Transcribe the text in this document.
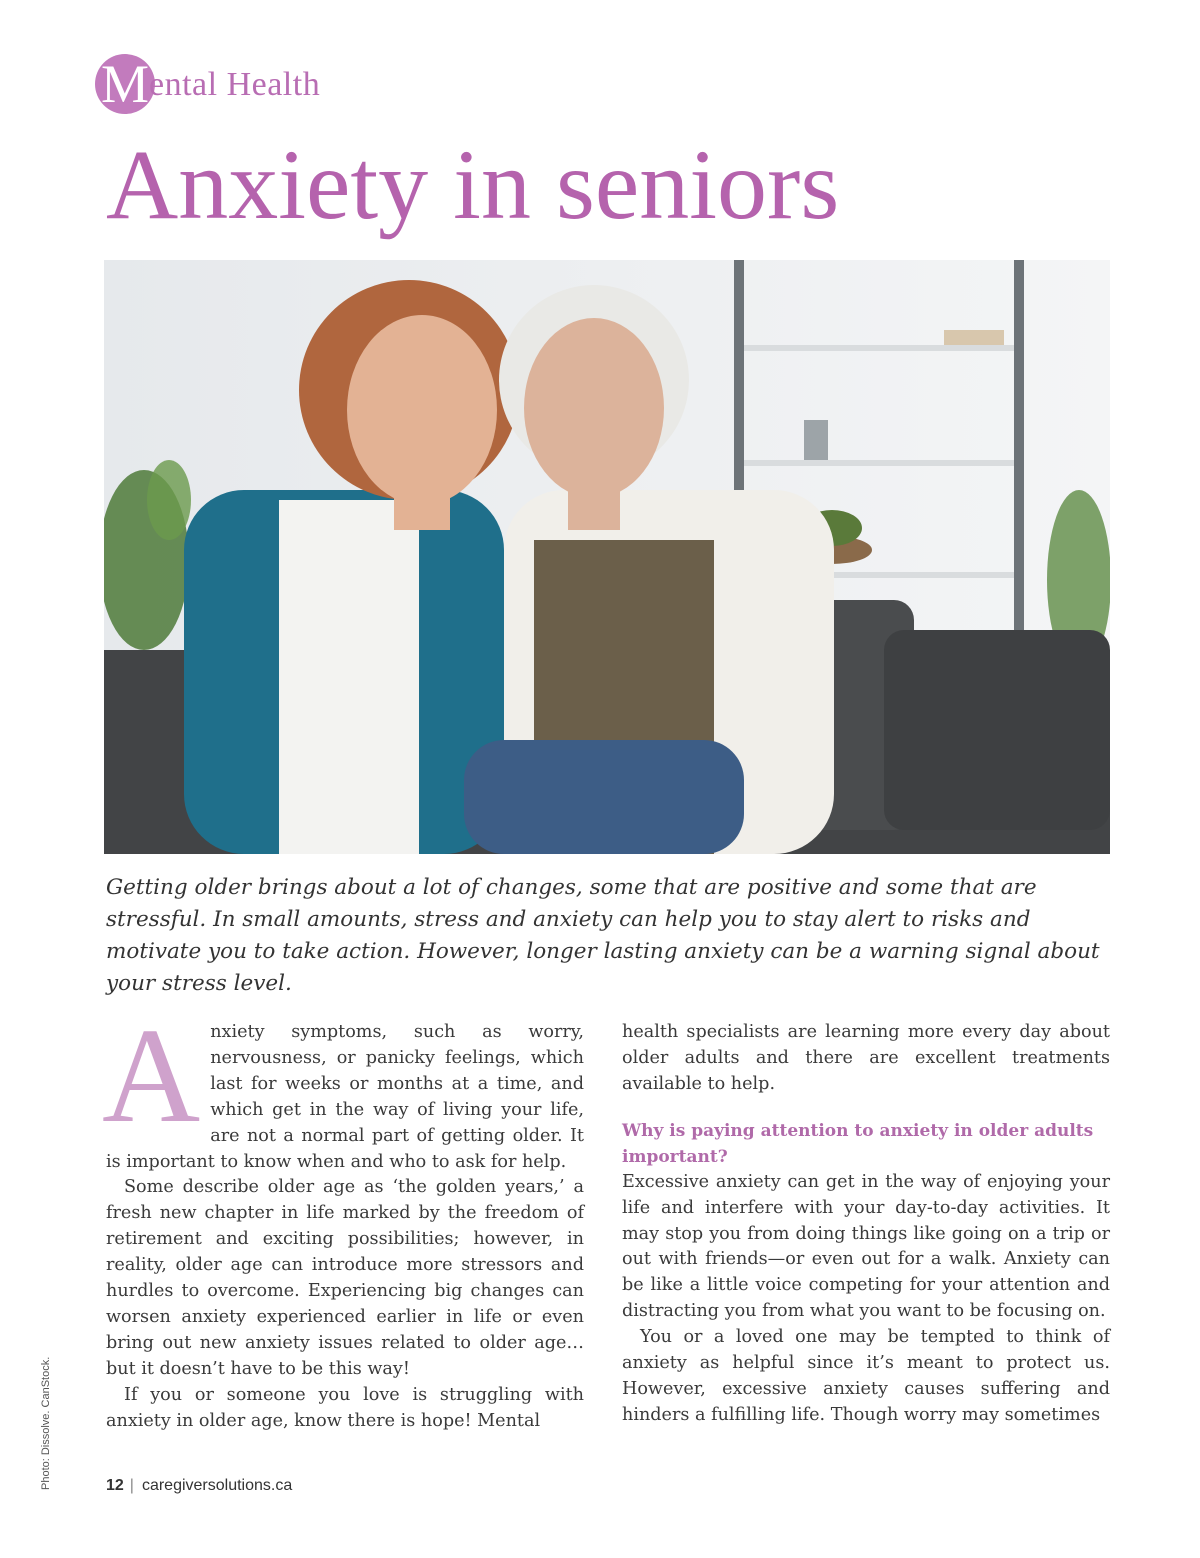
M ental Health
Anxiety in seniors

Getting older brings about a lot of changes, some that are positive and some that are stressful. In small amounts, stress and anxiety can help you to stay alert to risks and motivate you to take action. However, longer lasting anxiety can be a warning signal about your stress level.

Anxiety symptoms, such as worry, nervousness, or panicky feelings, which last for weeks or months at a time, and which get in the way of living your life, are not a normal part of getting older. It is important to know when and who to ask for help.

Some describe older age as ‘the golden years,’ a fresh new chapter in life marked by the freedom of retirement and exciting possibilities; however, in reality, older age can introduce more stressors and hurdles to overcome. Experiencing big changes can worsen anxiety experienced earlier in life or even bring out new anxiety issues related to older age… but it doesn’t have to be this way!

If you or someone you love is struggling with anxiety in older age, know there is hope! Mental

health specialists are learning more every day about older adults and there are excellent treatments available to help.

Why is paying attention to anxiety in older adults important?

Excessive anxiety can get in the way of enjoying your life and interfere with your day-to-day activities. It may stop you from doing things like going on a trip or out with friends—or even out for a walk. Anxiety can be like a little voice competing for your attention and distracting you from what you want to be focusing on.

You or a loved one may be tempted to think of anxiety as helpful since it’s meant to protect us. However, excessive anxiety causes suffering and hinders a fulfilling life. Though worry may sometimes

Photo: Dissolve. CanStock.	12 | caregiversolutions.ca
